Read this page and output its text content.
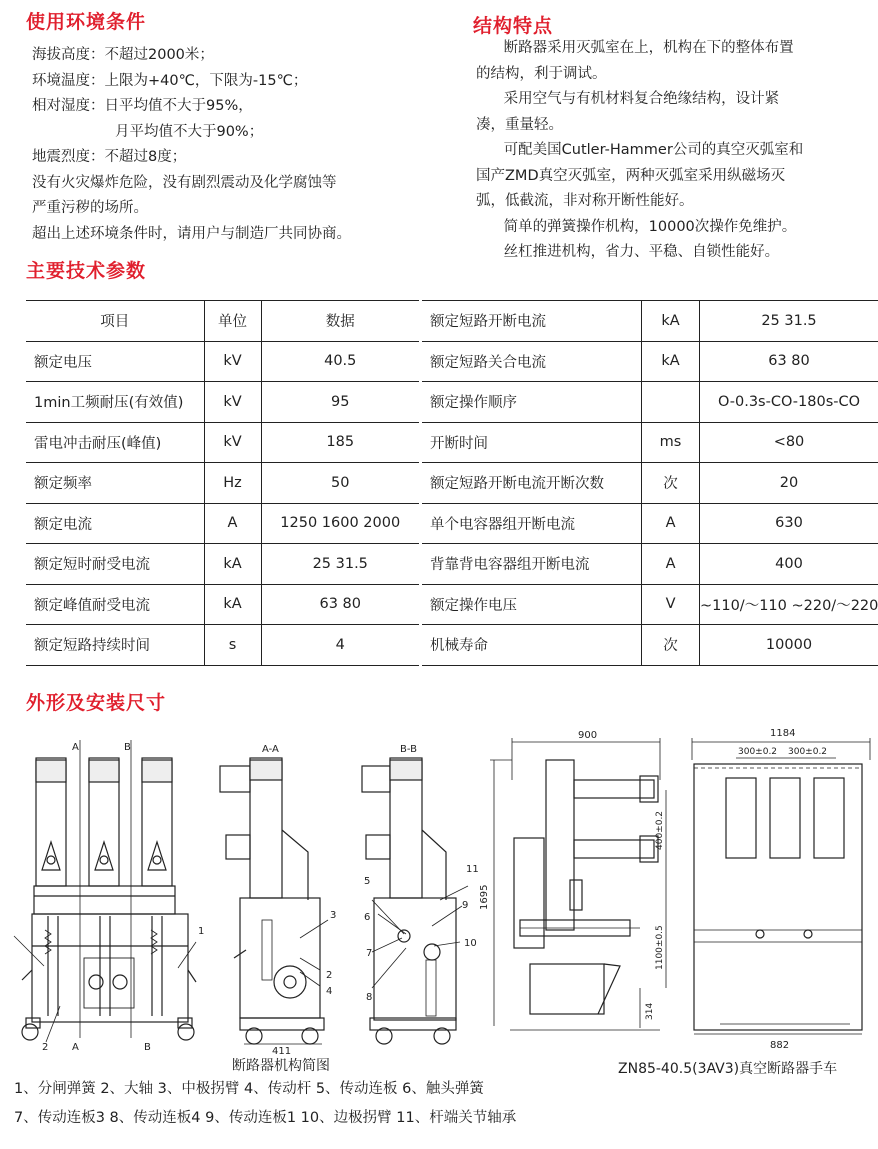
使用环境条件
海拔高度：不超过2000米；
环境温度：上限为+40℃，下限为-15℃；
相对湿度：日平均值不大于95%，
月平均值不大于90%；
地震烈度：不超过8度；
没有火灾爆炸危险，没有剧烈震动及化学腐蚀等
严重污秽的场所。
超出上述环境条件时，请用户与制造厂共同协商。
结构特点
断路器采用灭弧室在上，机构在下的整体布置
的结构，利于调试。
采用空气与有机材料复合绝缘结构，设计紧
凑，重量轻。
可配美国Cutler-Hammer公司的真空灭弧室和
国产ZMD真空灭弧室，两种灭弧室采用纵磁场灭
弧，低截流，非对称开断性能好。
简单的弹簧操作机构，10000次操作免维护。
丝杠推进机构，省力、平稳、自锁性能好。
主要技术参数
项目	单位	数据
额定电压	kV	40.5
1min工频耐压(有效值)	kV	95
雷电冲击耐压(峰值)	kV	185
额定频率	Hz	50
额定电流	A	1250 1600 2000
额定短时耐受电流	kA	25 31.5
额定峰值耐受电流	kA	63 80
额定短路持续时间	s	4
额定短路开断电流	kA	25 31.5
额定短路关合电流	kA	63 80
额定操作顺序		O-0.3s-CO-180s-CO
开断时间	ms	<80
额定短路开断电流开断次数	次	20
单个电容器组开断电流	A	630
背靠背电容器组开断电流	A	400
额定操作电压	V	~110/～110 ~220/～220
机械寿命	次	10000
外形及安装尺寸
A	B
A	B
A-A	B-B
411
900	1184
300±0.2 300±0.2
882
1695
400±0.2
1100±0.5
314
1
2
3
2
4
5
6
7
8
9
10
11
断路器机构简图	ZN85-40.5(3AV3)真空断路器手车
1、分闸弹簧 2、大轴 3、中极拐臂 4、传动杆 5、传动连板 6、触头弹簧
7、传动连板3 8、传动连板4 9、传动连板1 10、边极拐臂 11、杆端关节轴承
